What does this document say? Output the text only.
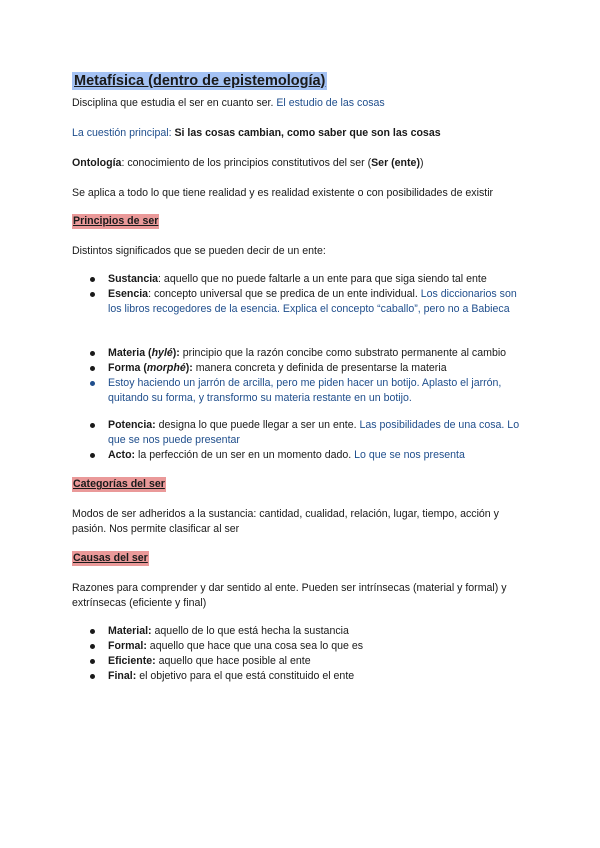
Metafísica (dentro de epistemología)

Disciplina que estudia el ser en cuanto ser. El estudio de las cosas

La cuestión principal: Si las cosas cambian, como saber que son las cosas

Ontología: conocimiento de los principios constitutivos del ser (Ser (ente))

Se aplica a todo lo que tiene realidad y es realidad existente o con posibilidades de existir

Principios de ser

Distintos significados que se pueden decir de un ente:

Sustancia: aquello que no puede faltarle a un ente para que siga siendo tal ente
Esencia: concepto universal que se predica de un ente individual. Los diccionarios son los libros recogedores de la esencia. Explica el concepto “caballo”, pero no a Babieca
Materia (hylé): principio que la razón concibe como substrato permanente al cambio
Forma (morphé): manera concreta y definida de presentarse la materia
Estoy haciendo un jarrón de arcilla, pero me piden hacer un botijo. Aplasto el jarrón, quitando su forma, y transformo su materia restante en un botijo.
Potencia: designa lo que puede llegar a ser un ente. Las posibilidades de una cosa. Lo que se nos puede presentar
Acto: la perfección de un ser en un momento dado. Lo que se nos presenta
Categorías del ser

Modos de ser adheridos a la sustancia: cantidad, cualidad, relación, lugar, tiempo, acción y pasión. Nos permite clasificar al ser

Causas del ser

Razones para comprender y dar sentido al ente. Pueden ser intrínsecas (material y formal) y extrínsecas (eficiente y final)

Material: aquello de lo que está hecha la sustancia
Formal: aquello que hace que una cosa sea lo que es
Eficiente: aquello que hace posible al ente
Final: el objetivo para el que está constituido el ente
